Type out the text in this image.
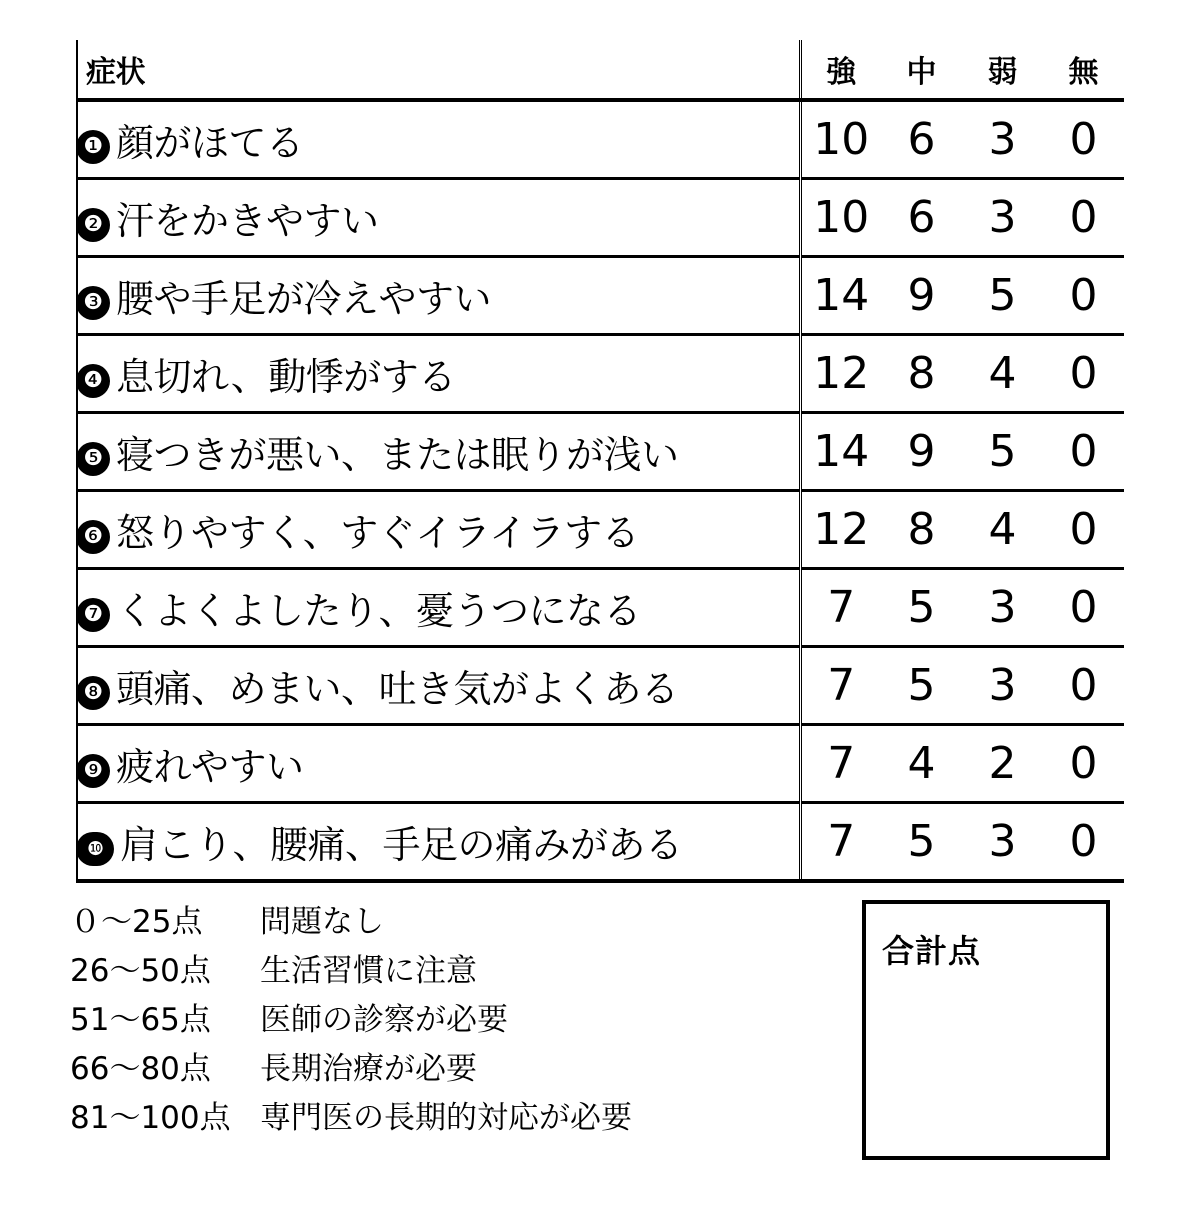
症状	強	中	弱	無
❶ 顔がほてる	10	6	3	0
❷ 汗をかきやすい	10	6	3	0
❸ 腰や手足が冷えやすい	14	9	5	0
❹ 息切れ、動悸がする	12	8	4	0
❺ 寝つきが悪い、または眠りが浅い	14	9	5	0
❻ 怒りやすく、すぐイライラする	12	8	4	0
❼ くよくよしたり、憂うつになる	7	5	3	0
❽ 頭痛、めまい、吐き気がよくある	7	5	3	0
❾ 疲れやすい	7	4	2	0
❿ 肩こり、腰痛、手足の痛みがある	7	5	3	0
０～25点	問題なし
26～50点	生活習慣に注意
51～65点	医師の診察が必要
66～80点	長期治療が必要
81～100点 専門医の長期的対応が必要
合計点
